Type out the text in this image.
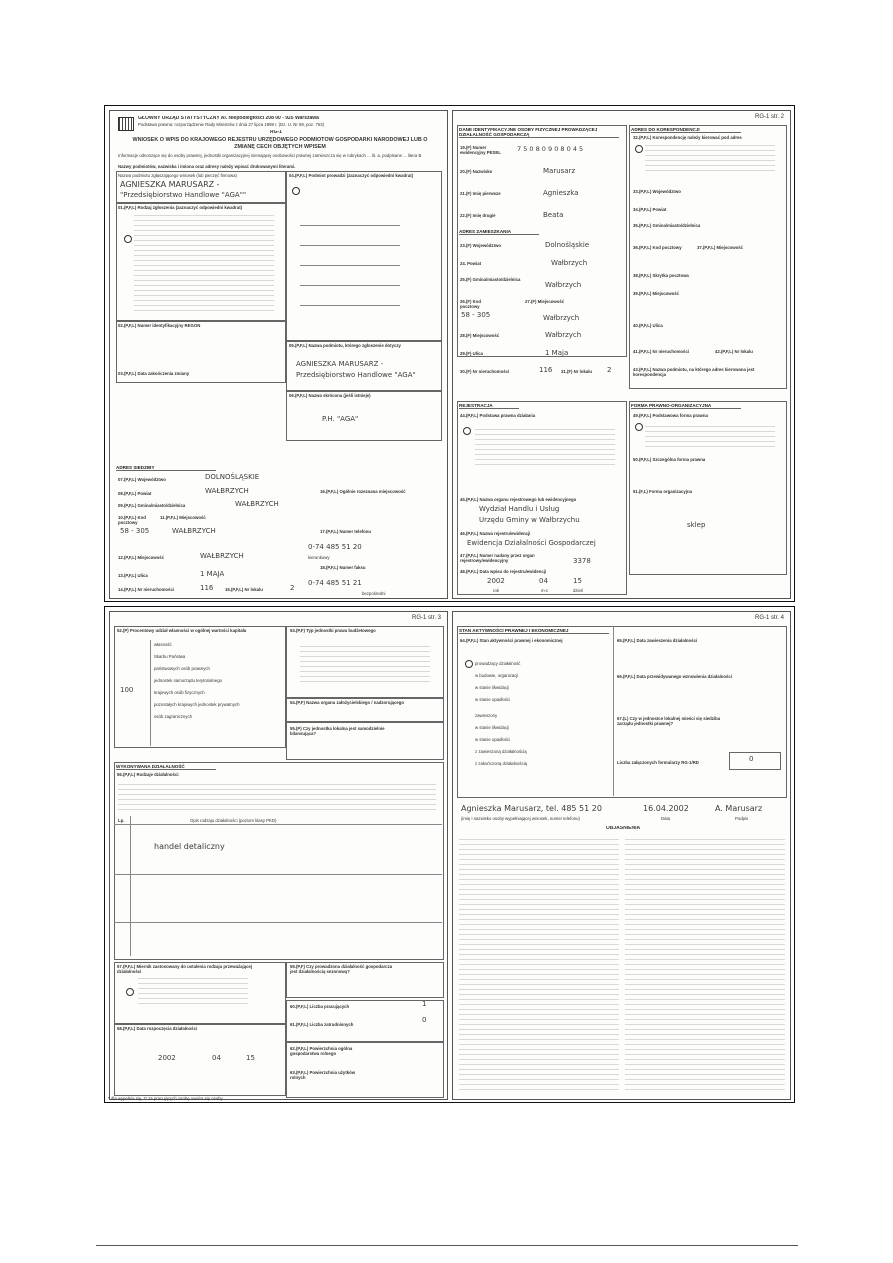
GŁÓWNY URZĄD STATYSTYCZNY Al. Niepodległości 208 00 - 925 Warszawa
Podstawa prawna: rozporządzenie Rady Ministrów z dnia 27 lipca 1999 r. (Dz. U. Nr 69, poz. 763)
RG-1
WNIOSEK O WPIS DO KRAJOWEGO REJESTRU URZĘDOWEGO PODMIOTÓW GOSPODARKI NARODOWEJ LUB O ZMIANĘ CECH OBJĘTYCH WPISEM
Informacje odnoszące się do osoby prawnej, jednostki organizacyjnej niemającej osobowości prawnej zamieszcza się w rubrykach ... lit. a, podpisane ... litera B
Nazwy podmiotów, nazwiska i imiona oraz adresy należy wpisać drukowanymi literami.
Nazwa podmiotu zgłaszającego wniosek (lub pieczęć firmowa)
AGNIESZKA MARUSARZ -
"Przedsiębiorstwo Handlowe "AGA""
04.(P,F,L) Podmiot prowadzi (zaznaczyć odpowiedni kwadrat)
01.(P,F,L) Rodzaj zgłoszenia (zaznaczyć odpowiedni kwadrat)
02.(P,F,L) Numer identyfikacyjny REGON
03.(P,F,L) Data zakończenia zmiany
05.(P,F,L) Nazwa podmiotu, którego zgłoszenie dotyczy
AGNIESZKA MARUSARZ -
Przedsiębiorstwo Handlowe "AGA"
06.(P,F,L) Nazwa skrócona (jeśli istnieje)
P.H. "AGA"
ADRES SIEDZIBY
07.(P,F,L) Województwo	DOLNOŚLĄSKIE
08.(P,F,L) Powiat	WAŁBRZYCH
09.(P,F,L) Gmina/miasto/dzielnica	WAŁBRZYCH
10.(P,F,L) Kod pocztowy
58 - 305
11.(P,F,L) Miejscowość
WAŁBRZYCH
12.(P,F,L) Miejscowość	WAŁBRZYCH
13.(P,F,L) Ulica	1 MAJA
14.(P,F,L) Nr nieruchomości	116	15.(P,F,L) Nr lokalu	2
16.(P,F,L) Ogólnie rozeznana miejscowość
17.(P,F,L) Numer telefonu
0-74 485 51 20
kierunkowy
18.(P,F,L) Numer faksu
0-74 485 51 21
bezpośredni
RG-1 str. 2
DANE IDENTYFIKACYJNE OSOBY FIZYCZNEJ PROWADZĄCEJ DZIAŁALNOŚĆ GOSPODARCZĄ
19.(F) Numer ewidencyjny PESEL	7 5 0 8 0 9 0 8 0 4 5
20.(F) Nazwisko	Marusarz
21.(F) Imię pierwsze	Agnieszka
22.(F) Imię drugie	Beata
ADRES ZAMIESZKANIA
23.(F) Województwo	Dolnośląskie
24. Powiat	Wałbrzych
25.(F) Gmina/miasto/dzielnica
Wałbrzych
26.(F) Kod pocztowy
58 - 305
27.(F) Miejscowość
Wałbrzych
28.(F) Miejscowość	Wałbrzych
29.(F) Ulica	1 Maja
30.(F) Nr nieruchomości	116 31.(F) Nr lokalu	2
ADRES DO KORESPONDENCJI
32.(P,F,L) Korespondencję należy kierować pod adres
33.(P,F,L) Województwo
34.(P,F,L) Powiat
35.(P,F,L) Gmina/miasto/dzielnica
36.(P,F,L) Kod pocztowy	37.(P,F,L) Miejscowość
38.(P,F,L) Skrytka pocztowa
39.(P,F,L) Miejscowość
40.(P,F,L) Ulica
41.(P,F,L) Nr nieruchomości	42.(P,F,L) Nr lokalu
43.(P,F,L) Nazwa podmiotu, na którego adres kierowana jest korespondencja
REJESTRACJA
44.(P,F,L) Podstawa prawna działania
45.(P,F,L) Nazwa organu rejestrowego lub ewidencyjnego
Wydział Handlu i Usług
Urzędu Gminy w Wałbrzychu
46.(P,F,L) Nazwa rejestru/ewidencji
Ewidencja Działalności Gospodarczej
47.(P,F,L) Numer nadany przez organ rejestrowy/ewidencyjny	3378
48.(P,F,L) Data wpisu do rejestru/ewidencji
2002	04	15
rok	m-c	dzień
FORMA PRAWNO-ORGANIZACYJNA
49.(P,F,L) Podstawowa forma prawna
50.(P,F,L) Szczególna forma prawna
51.(F,L) Forma organizacyjna
sklep
RG-1 str. 3
52.(P) Procentowy udział własności w ogólnej wartości kapitału
własność
Skarbu Państwa
państwowych osób prawnych
jednostek samorządu terytorialnego
krajowych osób fizycznych
pozostałych krajowych jednostek prywatnych
osób zagranicznych
100
53.(P,F) Typ jednostki prawa budżetowego
54.(P,F) Nazwa organu założycielskiego / nadzorującego
55.(P) Czy jednostka lokalna jest samodzielnie bilansująca?
WYKONYWANA DZIAŁALNOŚĆ
56.(P,F,L) Rodzaje działalności
Lp.	Opis rodzaju działalności (poziom klasy PKD)
handel detaliczny
57.(P,F,L) Miernik zastosowany do ustalenia rodzaju przeważającej działalności
58.(P,F,L) Data rozpoczęcia działalności
2002	04	15
59.(P,F) Czy prowadzona działalność gospodarcza jest działalnością sezonową?
60.(P,F,L) Liczba pracujących	1
61.(P,F,L) Liczba zatrudnionych
0
62.(P,F,L) Powierzchnia ogólna gospodarstwa rolnego
63.(P,F,L) Powierzchnia użytków rolnych
RG-1 str. 4
STAN AKTYWNOŚCI PRAWNEJ I EKONOMICZNEJ
64.(P,F,L) Stan aktywności prawnej i ekonomicznej
prowadzący działalność
w budowie, organizacji
w stanie likwidacji
w stanie upadłości
zawieszony
w stanie likwidacji
w stanie upadłości
z zawieszoną działalnością
z zakończoną działalnością
65.(P,F,L) Data zawieszenia działalności
66.(P,F,L) Data przewidywanego wznowienia działalności
67.(L) Czy w jednostce lokalnej mieści się siedziba zarządu jednostki prawnej?
Liczba załączonych formularzy RG-1/RD	0
Agnieszka Marusarz, tel. 485 51 20	16.04.2002	A. Marusarz
(imię i nazwisko osoby wypełniającej wniosek, numer telefonu)	Data	Podpis
OBJAŚNIENIA
* dla wypełnia się, ** za pracujących osobę uważa się osoby ...
